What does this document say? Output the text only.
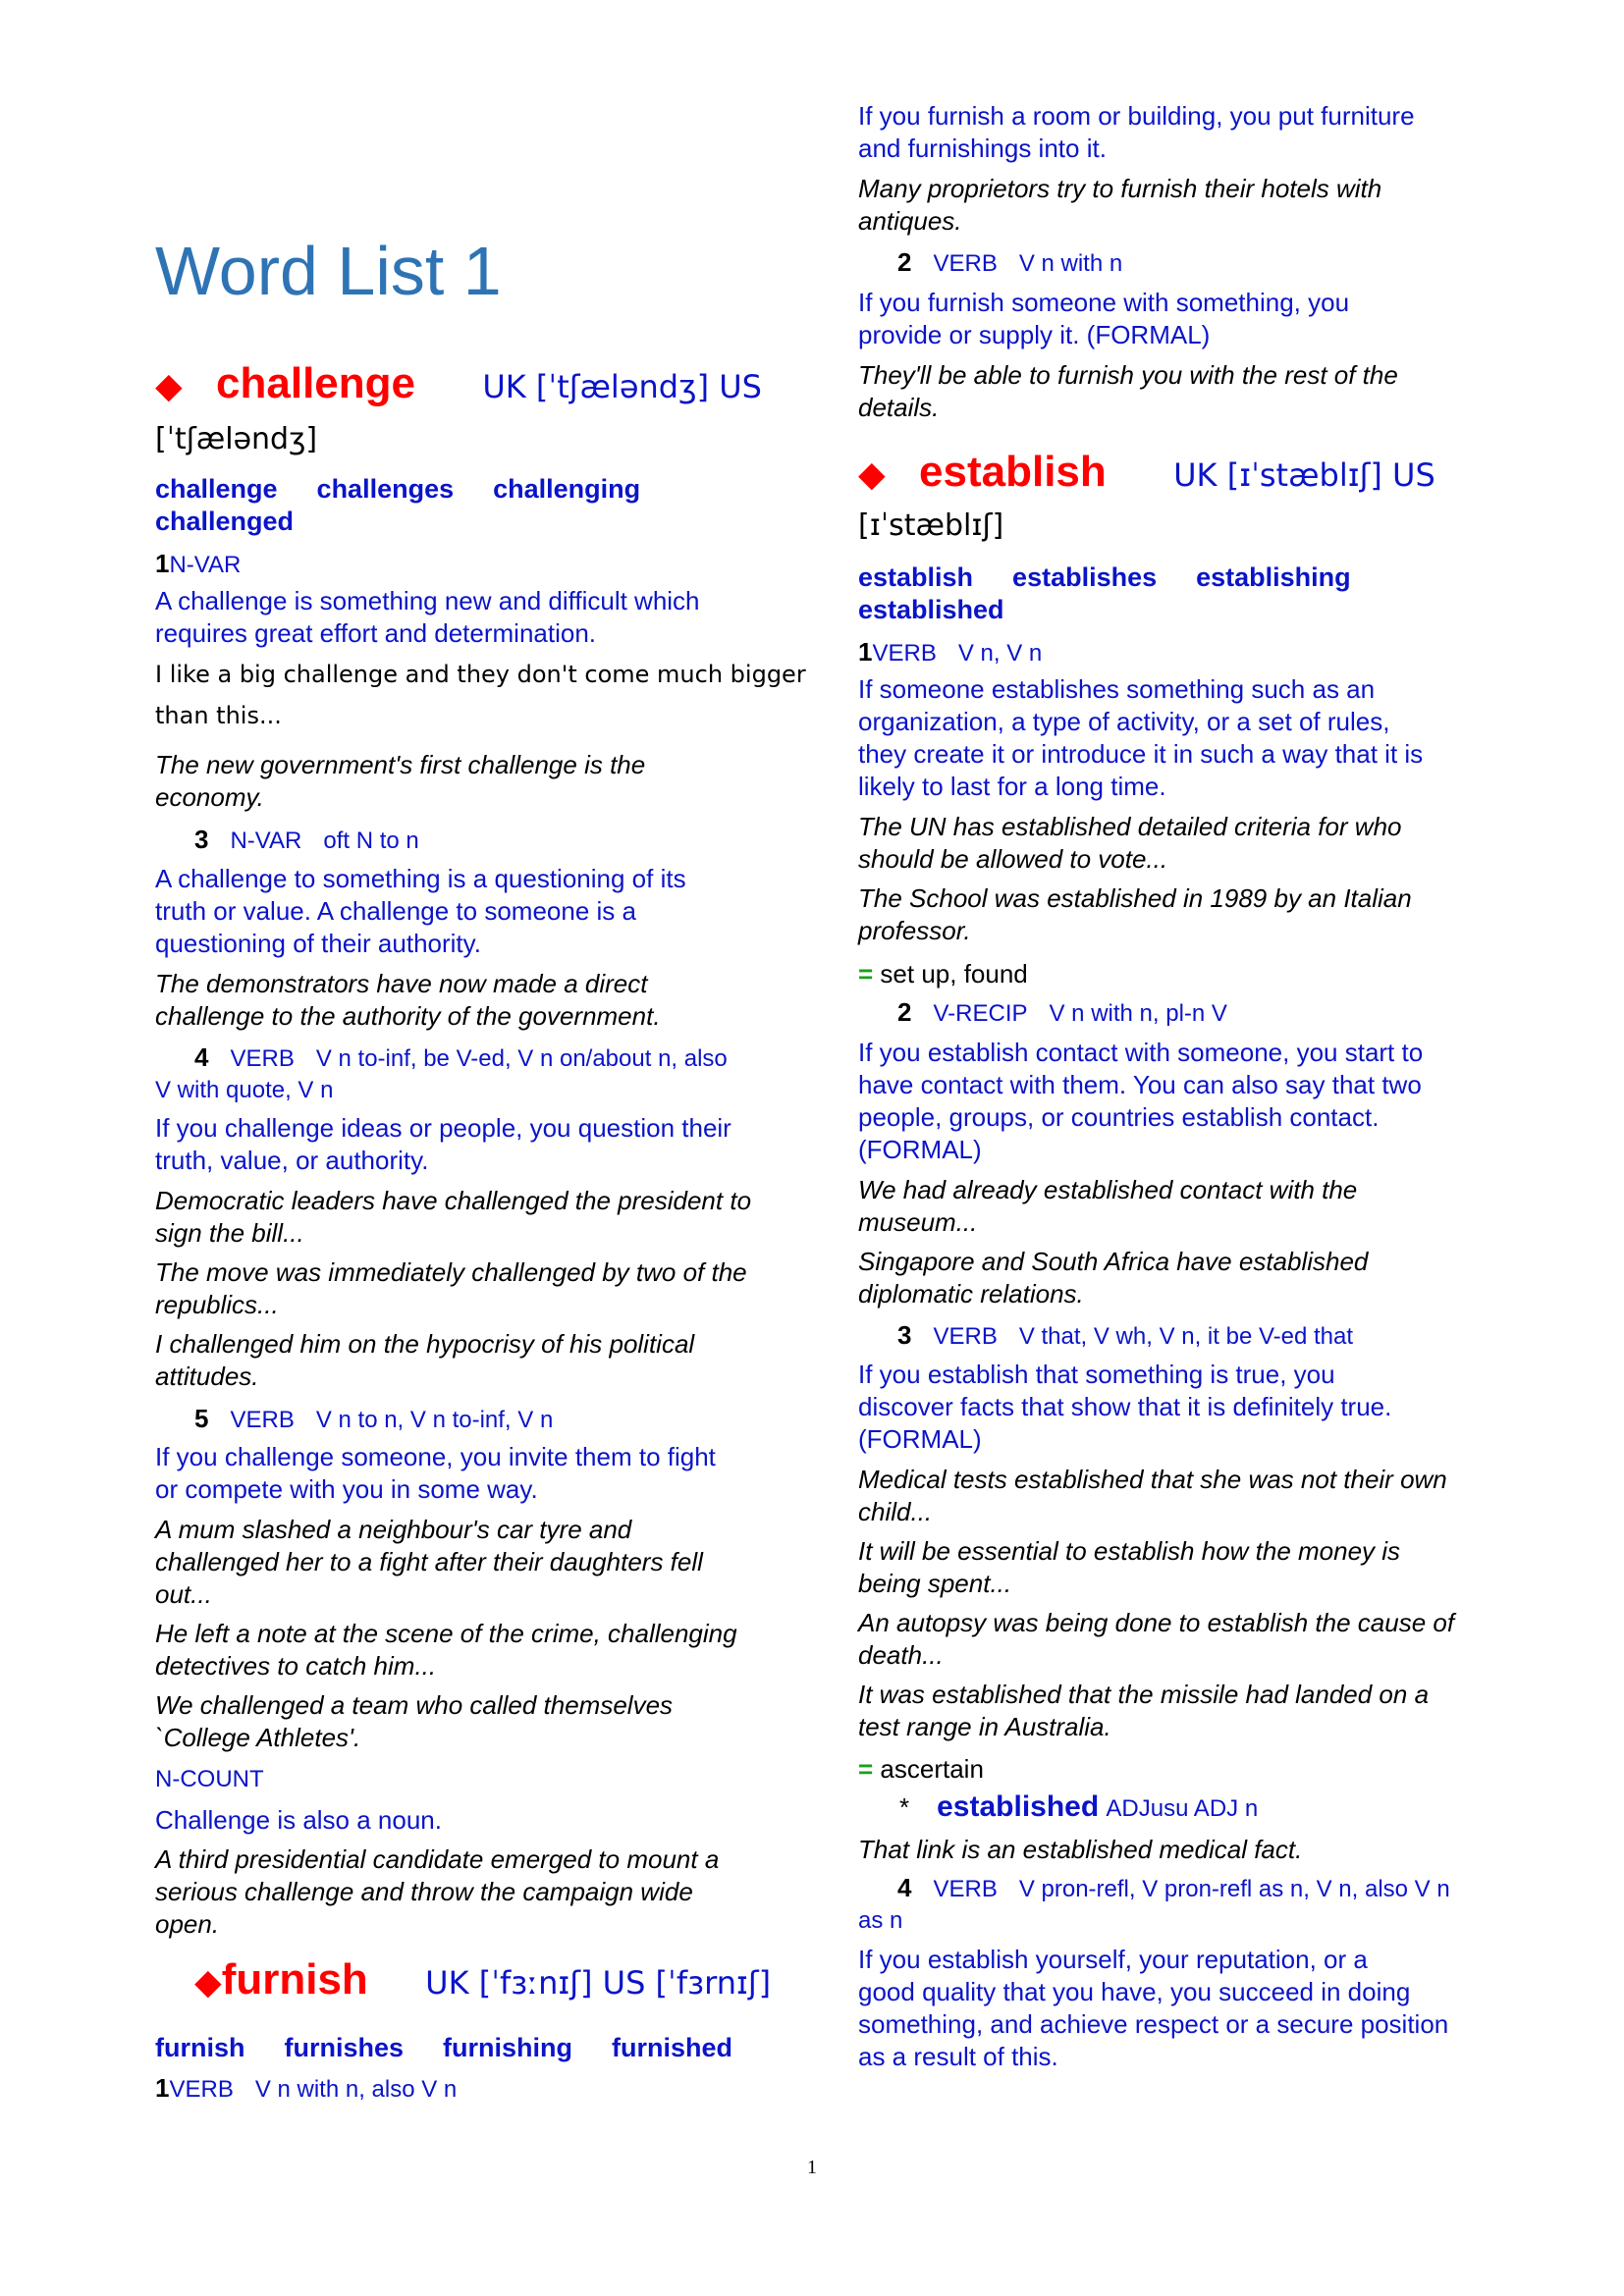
Word List 1
◆ challenge UK [ˈtʃæləndʒ] US
[ˈtʃæləndʒ]
challenge challenges challenging
challenged
1N-VAR
A challenge is something new and difficult which
requires great effort and determination.
I like a big challenge and they don't come much bigger
than this...
The new government's first challenge is the
economy.
3 N-VAR oft N to n
A challenge to something is a questioning of its
truth or value. A challenge to someone is a
questioning of their authority.
The demonstrators have now made a direct
challenge to the authority of the government.
4 VERB V n to-inf, be V-ed, V n on/about n, also
V with quote, V n
If you challenge ideas or people, you question their
truth, value, or authority.
Democratic leaders have challenged the president to
sign the bill...
The move was immediately challenged by two of the
republics...
I challenged him on the hypocrisy of his political
attitudes.
5 VERB V n to n, V n to-inf, V n
If you challenge someone, you invite them to fight
or compete with you in some way.
A mum slashed a neighbour's car tyre and
challenged her to a fight after their daughters fell
out...
He left a note at the scene of the crime, challenging
detectives to catch him...
We challenged a team who called themselves
`College Athletes'.
N-COUNT
Challenge is also a noun.
A third presidential candidate emerged to mount a
serious challenge and throw the campaign wide
open.
◆furnish UK [ˈfɜːnɪʃ] US [ˈfɜrnɪʃ]
furnish furnishes furnishing furnished
1VERB V n with n, also V n
If you furnish a room or building, you put furniture
and furnishings into it.
Many proprietors try to furnish their hotels with
antiques.
2 VERB V n with n
If you furnish someone with something, you
provide or supply it. (FORMAL)
They'll be able to furnish you with the rest of the
details.
◆ establish UK [ɪˈstæblɪʃ] US
[ɪˈstæblɪʃ]
establish establishes establishing
established
1VERB V n, V n
If someone establishes something such as an
organization, a type of activity, or a set of rules,
they create it or introduce it in such a way that it is
likely to last for a long time.
The UN has established detailed criteria for who
should be allowed to vote...
The School was established in 1989 by an Italian
professor.
= set up, found
2 V-RECIP V n with n, pl-n V
If you establish contact with someone, you start to
have contact with them. You can also say that two
people, groups, or countries establish contact.
(FORMAL)
We had already established contact with the
museum...
Singapore and South Africa have established
diplomatic relations.
3 VERB V that, V wh, V n, it be V-ed that
If you establish that something is true, you
discover facts that show that it is definitely true.
(FORMAL)
Medical tests established that she was not their own
child...
It will be essential to establish how the money is
being spent...
An autopsy was being done to establish the cause of
death...
It was established that the missile had landed on a
test range in Australia.
= ascertain
* established ADJusu ADJ n
That link is an established medical fact.
4 VERB V pron-refl, V pron-refl as n, V n, also V n
as n
If you establish yourself, your reputation, or a
good quality that you have, you succeed in doing
something, and achieve respect or a secure position
as a result of this.
1
